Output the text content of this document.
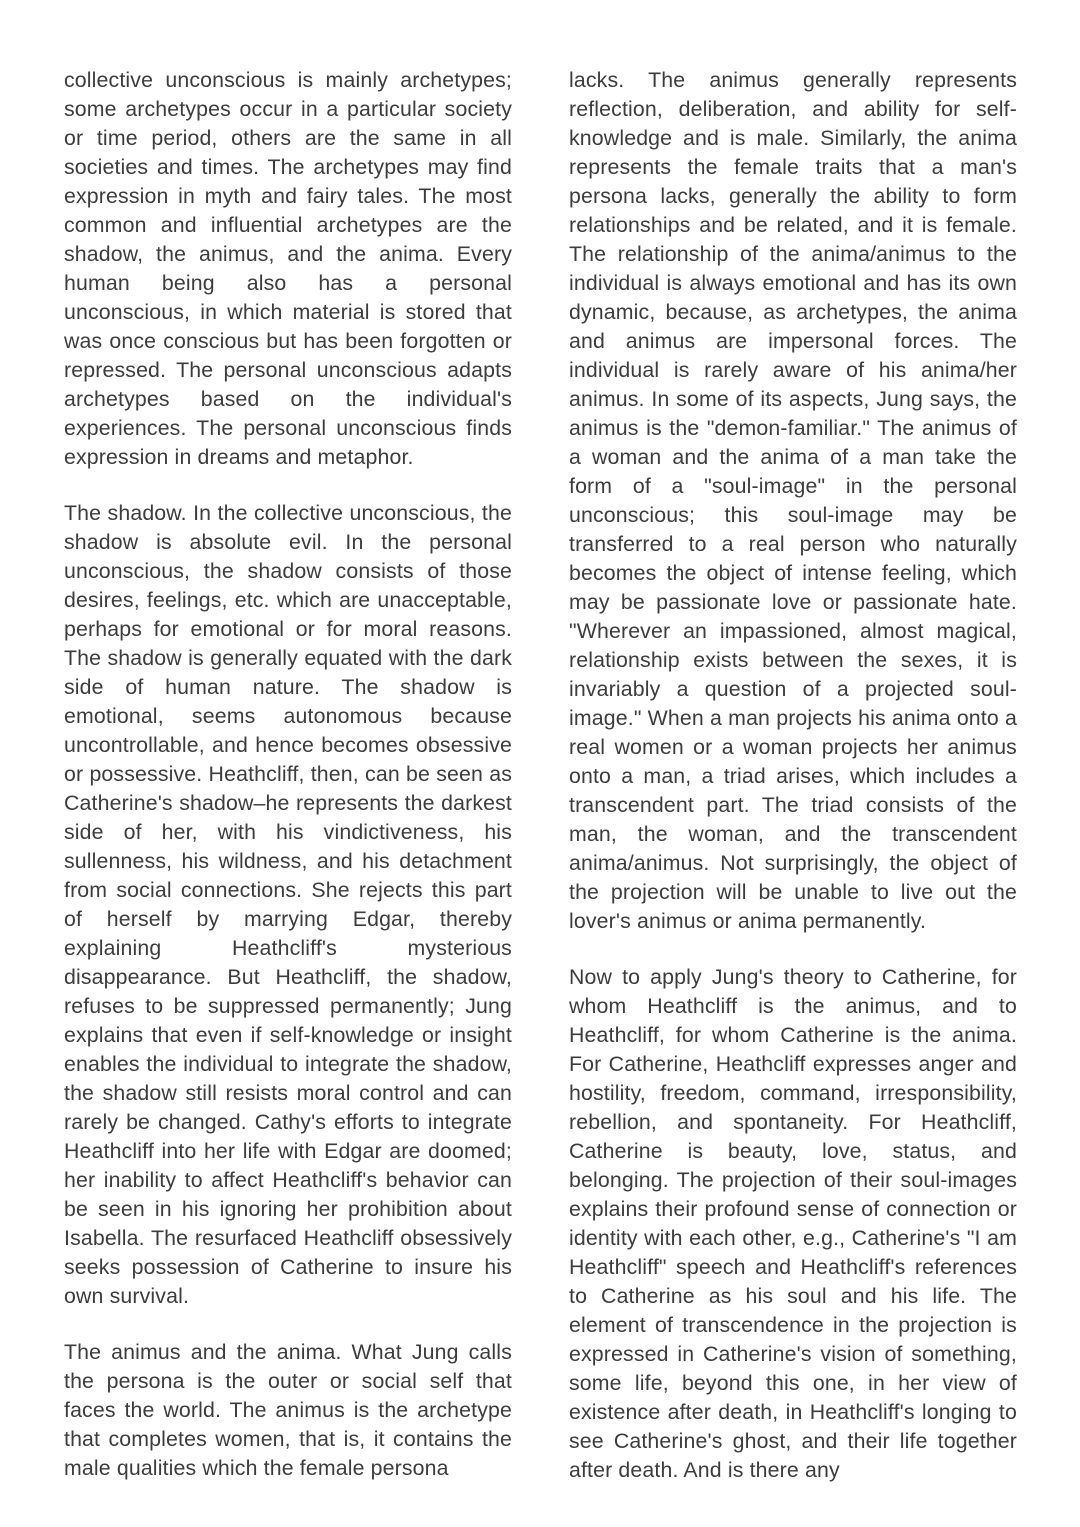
collective unconscious is mainly archetypes; some archetypes occur in a particular society or time period, others are the same in all societies and times. The archetypes may find expression in myth and fairy tales. The most common and influential archetypes are the shadow, the animus, and the anima. Every human being also has a personal unconscious, in which material is stored that was once conscious but has been forgotten or repressed. The personal unconscious adapts archetypes based on the individual's experiences. The personal unconscious finds expression in dreams and metaphor.

The shadow. In the collective unconscious, the shadow is absolute evil. In the personal unconscious, the shadow consists of those desires, feelings, etc. which are unacceptable, perhaps for emotional or for moral reasons. The shadow is generally equated with the dark side of human nature. The shadow is emotional, seems autonomous because uncontrollable, and hence becomes obsessive or possessive. Heathcliff, then, can be seen as Catherine's shadow–he represents the darkest side of her, with his vindictiveness, his sullenness, his wildness, and his detachment from social connections. She rejects this part of herself by marrying Edgar, thereby explaining Heathcliff's mysterious disappearance. But Heathcliff, the shadow, refuses to be suppressed permanently; Jung explains that even if self-knowledge or insight enables the individual to integrate the shadow, the shadow still resists moral control and can rarely be changed. Cathy's efforts to integrate Heathcliff into her life with Edgar are doomed; her inability to affect Heathcliff's behavior can be seen in his ignoring her prohibition about Isabella. The resurfaced Heathcliff obsessively seeks possession of Catherine to insure his own survival.

The animus and the anima. What Jung calls the persona is the outer or social self that faces the world. The animus is the archetype that completes women, that is, it contains the male qualities which the female persona

lacks. The animus generally represents reflection, deliberation, and ability for self-knowledge and is male. Similarly, the anima represents the female traits that a man's persona lacks, generally the ability to form relationships and be related, and it is female. The relationship of the anima/animus to the individual is always emotional and has its own dynamic, because, as archetypes, the anima and animus are impersonal forces. The individual is rarely aware of his anima/her animus. In some of its aspects, Jung says, the animus is the "demon-familiar." The animus of a woman and the anima of a man take the form of a "soul-image" in the personal unconscious; this soul-image may be transferred to a real person who naturally becomes the object of intense feeling, which may be passionate love or passionate hate. "Wherever an impassioned, almost magical, relationship exists between the sexes, it is invariably a question of a projected soul-image." When a man projects his anima onto a real women or a woman projects her animus onto a man, a triad arises, which includes a transcendent part. The triad consists of the man, the woman, and the transcendent anima/animus. Not surprisingly, the object of the projection will be unable to live out the lover's animus or anima permanently.

Now to apply Jung's theory to Catherine, for whom Heathcliff is the animus, and to Heathcliff, for whom Catherine is the anima. For Catherine, Heathcliff expresses anger and hostility, freedom, command, irresponsibility, rebellion, and spontaneity. For Heathcliff, Catherine is beauty, love, status, and belonging. The projection of their soul-images explains their profound sense of connection or identity with each other, e.g., Catherine's "I am Heathcliff" speech and Heathcliff's references to Catherine as his soul and his life. The element of transcendence in the projection is expressed in Catherine's vision of something, some life, beyond this one, in her view of existence after death, in Heathcliff's longing to see Catherine's ghost, and their life together after death. And is there any
